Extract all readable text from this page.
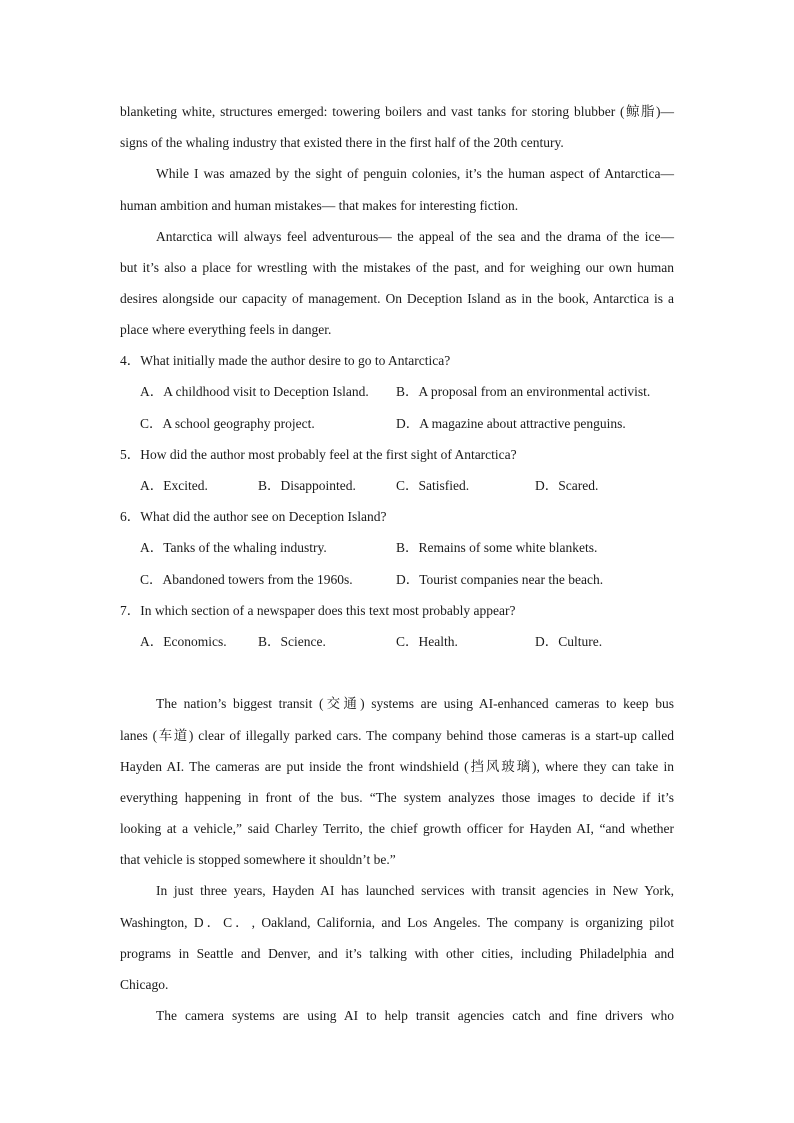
blanketing white, structures emerged: towering boilers and vast tanks for storing blubber (鲸脂)—
signs of the whaling industry that existed there in the first half of the 20th century.
While I was amazed by the sight of penguin colonies, it’s the human aspect of Antarctica—
human ambition and human mistakes— that makes for interesting fiction.
Antarctica will always feel adventurous— the appeal of the sea and the drama of the ice—
but it’s also a place for wrestling with the mistakes of the past, and for weighing our own human
desires alongside our capacity of management. On Deception Island as in the book, Antarctica is a
place where everything feels in danger.
4．What initially made the author desire to go to Antarctica?
A．A childhood visit to Deception Island. B．A proposal from an environmental activist.
C．A school geography project.	D．A magazine about attractive penguins.
5．How did the author most probably feel at the first sight of Antarctica?
A．Excited.	B．Disappointed.	C．Satisfied.	D．Scared.
6．What did the author see on Deception Island?
A．Tanks of the whaling industry.	B．Remains of some white blankets.
C．Abandoned towers from the 1960s.	D．Tourist companies near the beach.
7．In which section of a newspaper does this text most probably appear?
A．Economics. B．Science.	C．Health.	D．Culture.
The nation’s biggest transit (交通) systems are using AI-enhanced cameras to keep bus
lanes (车道) clear of illegally parked cars. The company behind those cameras is a start-up called
Hayden AI. The cameras are put inside the front windshield (挡风玻璃), where they can take in
everything happening in front of the bus. “The system analyzes those images to decide if it’s
looking at a vehicle,” said Charley Territo, the chief growth officer for Hayden AI, “and whether
that vehicle is stopped somewhere it shouldn’t be.”
In just three years, Hayden AI has launched services with transit agencies in New York,
Washington, D．C．, Oakland, California, and Los Angeles. The company is organizing pilot
programs in Seattle and Denver, and it’s talking with other cities, including Philadelphia and
Chicago.
The camera systems are using AI to help transit agencies catch and fine drivers who
